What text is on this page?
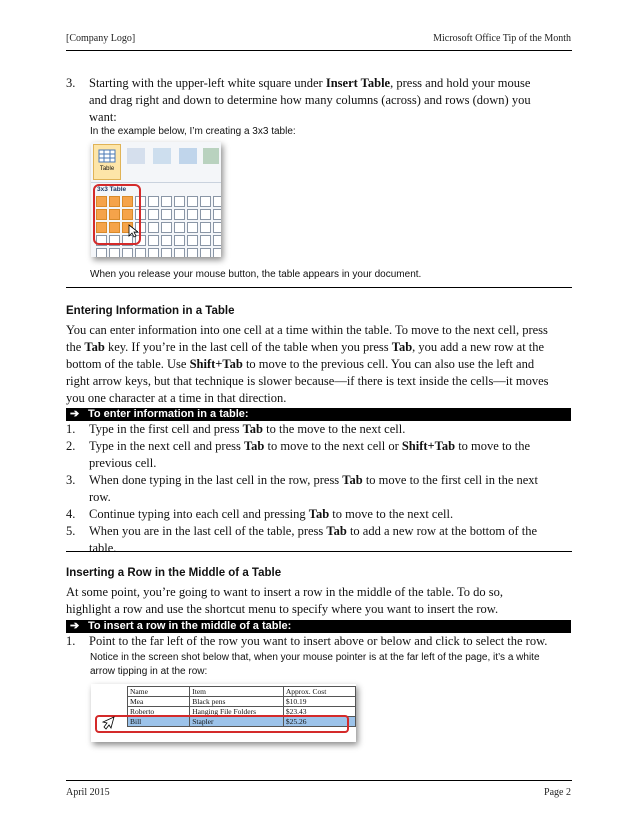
[Company Logo]	Microsoft Office Tip of the Month
3. Starting with the upper-left white square under Insert Table, press and hold your mouse
and drag right and down to determine how many columns (across) and rows (down) you
want:
In the example below, I’m creating a 3x3 table:
Table
3x3 Table
When you release your mouse button, the table appears in your document.
Entering Information in a Table
You can enter information into one cell at a time within the table. To move to the next cell, press
the Tab key. If you’re in the last cell of the table when you press Tab, you add a new row at the
bottom of the table. Use Shift+Tab to move to the previous cell. You can also use the left and
right arrow keys, but that technique is slower because—if there is text inside the cells—it moves
you one character at a time in that direction.
➔ To enter information in a table:
1. Type in the first cell and press Tab to the move to the next cell.
2. Type in the next cell and press Tab to move to the next cell or Shift+Tab to move to the
previous cell.
3. When done typing in the last cell in the row, press Tab to move to the first cell in the next
row.
4. Continue typing into each cell and pressing Tab to move to the next cell.
5. When you are in the last cell of the table, press Tab to add a new row at the bottom of the
table.
Inserting a Row in the Middle of a Table
At some point, you’re going to want to insert a row in the middle of the table. To do so,
highlight a row and use the shortcut menu to specify where you want to insert the row.
➔ To insert a row in the middle of a table:
1. Point to the far left of the row you want to insert above or below and click to select the row.
Notice in the screen shot below that, when your mouse pointer is at the far left of the page, it’s a white
arrow tipping in at the row:
Name	Item	Approx. Cost
Mea	Black pens	$10.19
Roberto	Hanging File Folders	$23.43
Bill	Stapler	$25.26
April 2015	Page 2
